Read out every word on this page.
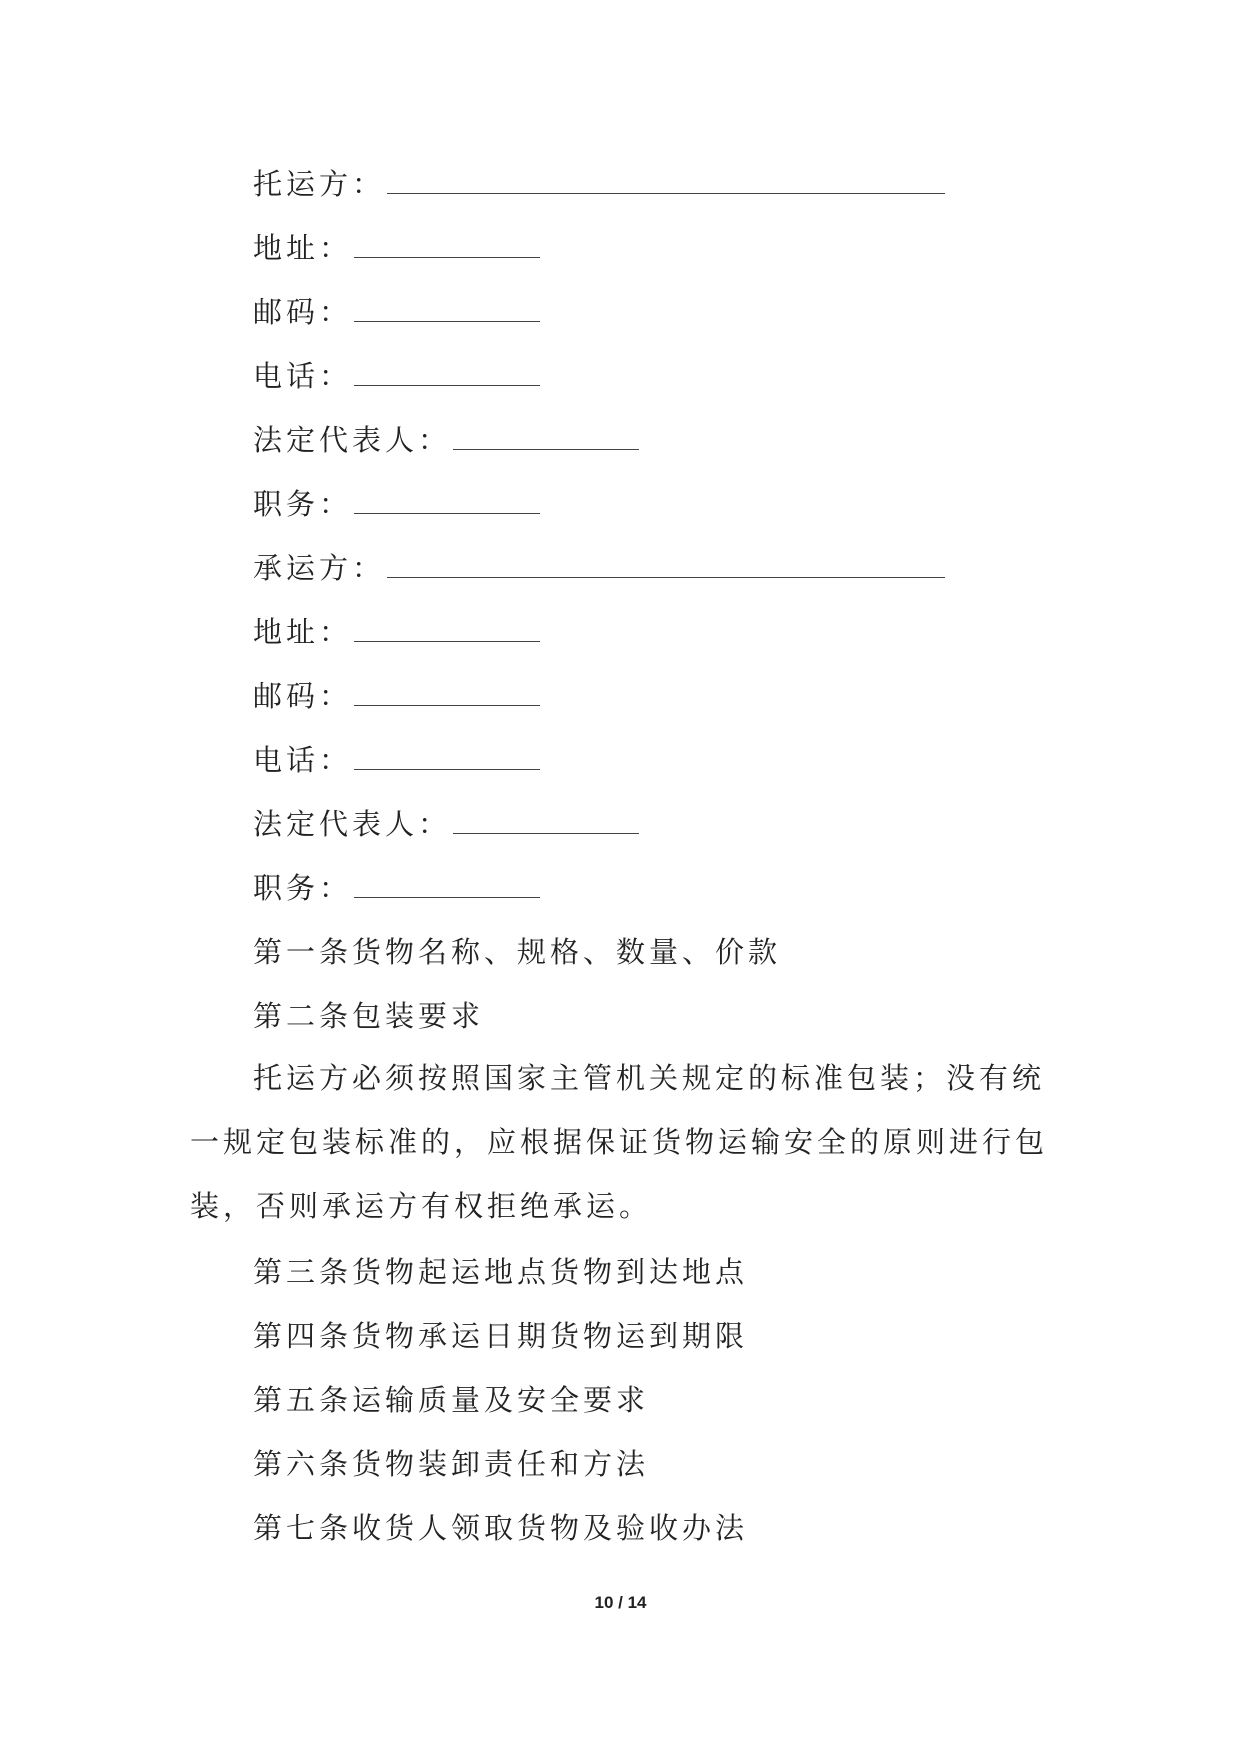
托运方：
地址：
邮码：
电话：
法定代表人：
职务：
承运方：
地址：
邮码：
电话：
法定代表人：
职务：
第一条货物名称、规格、数量、价款
第二条包装要求
托运方必须按照国家主管机关规定的标准包装；没有统一规定包装标准的，应根据保证货物运输安全的原则进行包装，否则承运方有权拒绝承运。
第三条货物起运地点货物到达地点
第四条货物承运日期货物运到期限
第五条运输质量及安全要求
第六条货物装卸责任和方法
第七条收货人领取货物及验收办法
10 / 14
